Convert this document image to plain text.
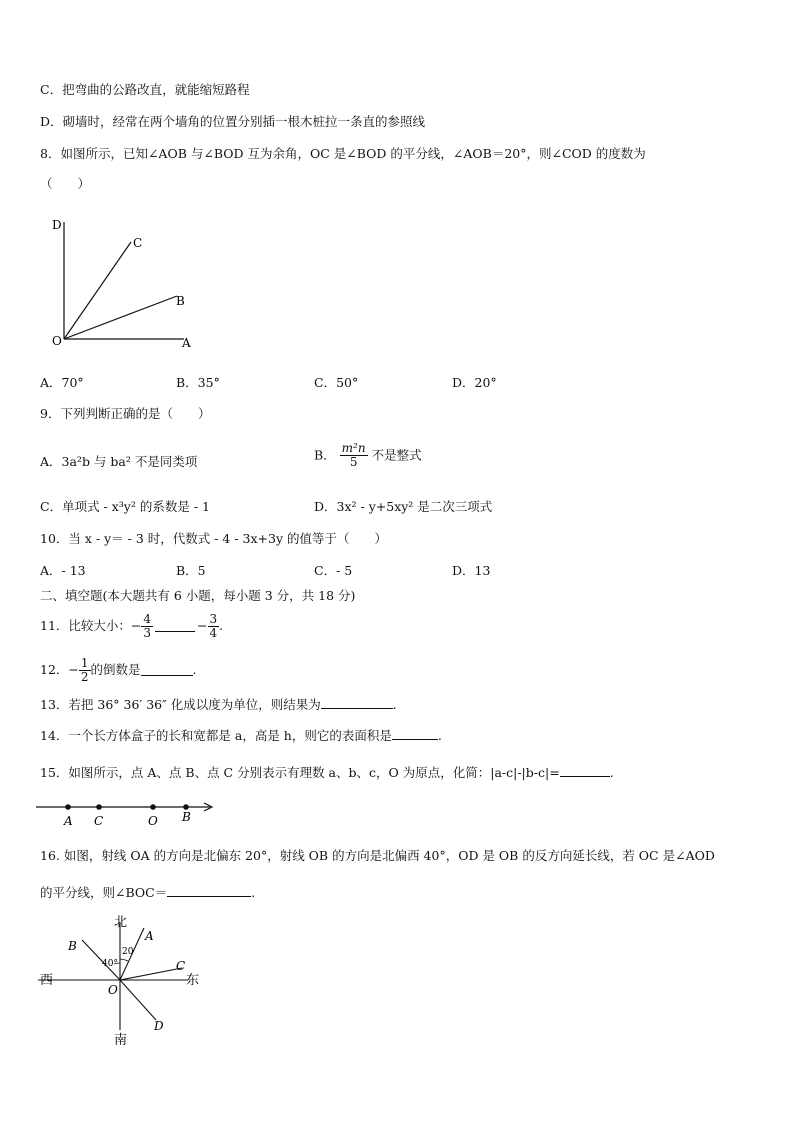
C．把弯曲的公路改直，就能缩短路程
D．砌墙时，经常在两个墙角的位置分别插一根木桩拉一条直的参照线
8．如图所示，已知∠AOB 与∠BOD 互为余角，OC 是∠BOD 的平分线，∠AOB＝20°，则∠COD 的度数为
（　　）
D
C
B
O	A
A．70°	B．35°	C．50°	D．20°
9．下列判断正确的是（　　）
A．3a²b 与 ba² 不是同类项	B． $\frac{\text{m²n}}{5}$ 不是整式
C．单项式 - x³y² 的系数是 - 1	D．3x² - y+5xy² 是二次三项式
10．当 x - y＝ - 3 时，代数式 - 4 - 3x+3y 的值等于（　　）
A．- 13	B．5	C．- 5	D．13
二、填空题(本大题共有 6 小题，每小题 3 分，共 18 分)
11．比较大小： − $\frac{4}{3}$	− $\frac{3}{4}$ .
12． − $\frac{1}{2}$ 的倒数是	.
13．若把 36° 36′ 36″ 化成以度为单位，则结果为	.
14．一个长方体盒子的长和宽都是 a，高是 h，则它的表面积是	.
15．如图所示，点 A、点 B、点 C 分别表示有理数 a、b、c，O 为原点，化简：|a-c|-|b-c|=	.
A C	O B
16. 如图，射线 OA 的方向是北偏东 20°，射线 OB 的方向是北偏西 40°，OD 是 OB 的反方向延长线，若 OC 是∠AOD
的平分线，则∠BOC＝	.
北
南
西	东
A
B
C
D
O
20
40°
